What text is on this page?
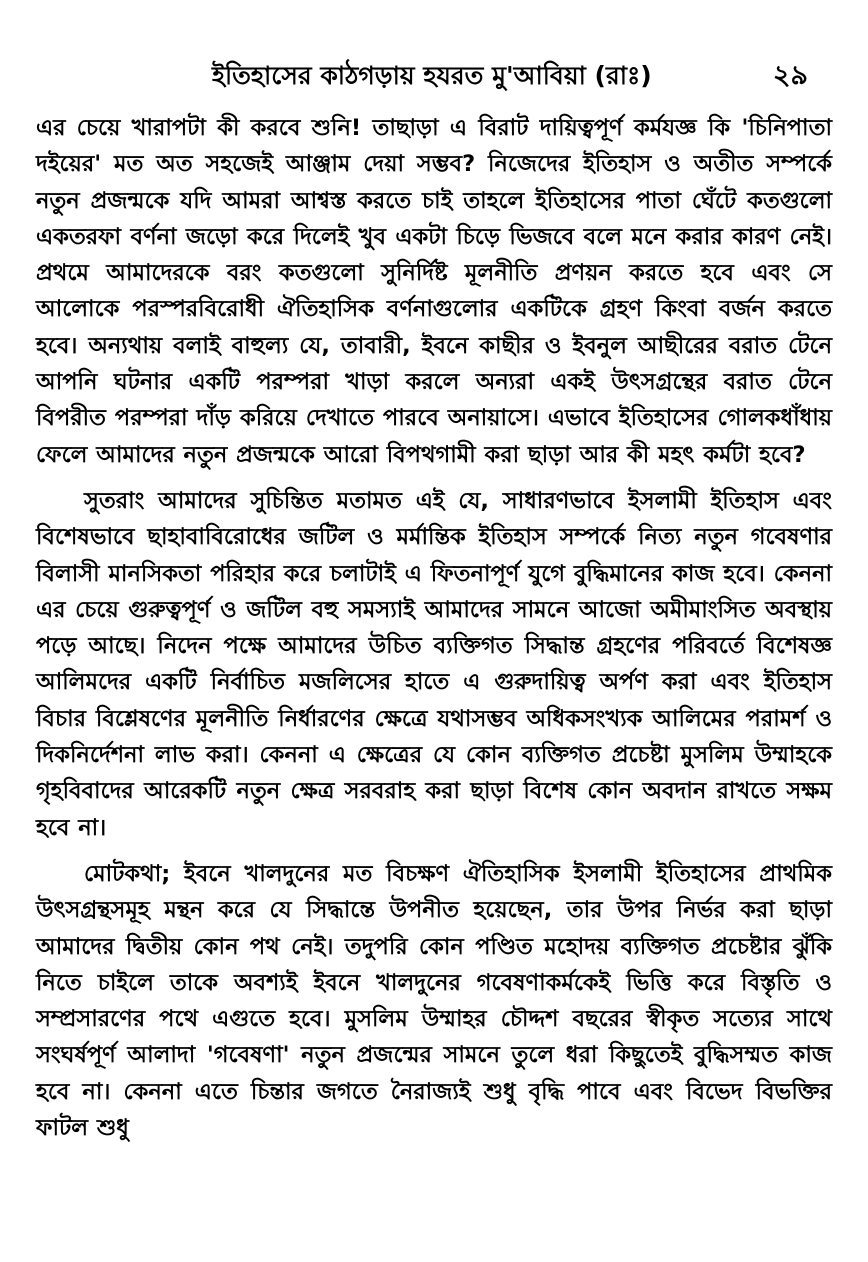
ইতিহাসের কাঠগড়ায় হযরত মু'আবিয়া (রাঃ)	২৯

এর চেয়ে খারাপটা কী করবে শুনি! তাছাড়া এ বিরাট দায়িত্বপূর্ণ কর্মযজ্ঞ কি 'চিনিপাতা দইয়ের' মত অত সহজেই আঞ্জাম দেয়া সম্ভব? নিজেদের ইতিহাস ও অতীত সম্পর্কে নতুন প্রজন্মকে যদি আমরা আশ্বস্ত করতে চাই তাহলে ইতিহাসের পাতা ঘেঁটে কতগুলো একতরফা বর্ণনা জড়ো করে দিলেই খুব একটা চিড়ে ভিজবে বলে মনে করার কারণ নেই। প্রথমে আমাদেরকে বরং কতগুলো সুনির্দিষ্ট মূলনীতি প্রণয়ন করতে হবে এবং সে আলোকে পরস্পরবিরোধী ঐতিহাসিক বর্ণনাগুলোর একটিকে গ্রহণ কিংবা বর্জন করতে হবে। অন্যথায় বলাই বাহুল্য যে, তাবারী, ইবনে কাছীর ও ইবনুল আছীরের বরাত টেনে আপনি ঘটনার একটি পরম্পরা খাড়া করলে অন্যরা একই উৎসগ্রন্থের বরাত টেনে বিপরীত পরম্পরা দাঁড় করিয়ে দেখাতে পারবে অনায়াসে। এভাবে ইতিহাসের গোলকধাঁধায় ফেলে আমাদের নতুন প্রজন্মকে আরো বিপথগামী করা ছাড়া আর কী মহৎ কর্মটা হবে?

সুতরাং আমাদের সুচিন্তিত মতামত এই যে, সাধারণভাবে ইসলামী ইতিহাস এবং বিশেষভাবে ছাহাবাবিরোধের জটিল ও মর্মান্তিক ইতিহাস সম্পর্কে নিত্য নতুন গবেষণার বিলাসী মানসিকতা পরিহার করে চলাটাই এ ফিতনাপূর্ণ যুগে বুদ্ধিমানের কাজ হবে। কেননা এর চেয়ে গুরুত্বপূর্ণ ও জটিল বহু সমস্যাই আমাদের সামনে আজো অমীমাংসিত অবস্থায় পড়ে আছে। নিদেন পক্ষে আমাদের উচিত ব্যক্তিগত সিদ্ধান্ত গ্রহণের পরিবর্তে বিশেষজ্ঞ আলিমদের একটি নির্বাচিত মজলিসের হাতে এ গুরুদায়িত্ব অর্পণ করা এবং ইতিহাস বিচার বিশ্লেষণের মূলনীতি নির্ধারণের ক্ষেত্রে যথাসম্ভব অধিকসংখ্যক আলিমের পরামর্শ ও দিকনির্দেশনা লাভ করা। কেননা এ ক্ষেত্রের যে কোন ব্যক্তিগত প্রচেষ্টা মুসলিম উম্মাহকে গৃহবিবাদের আরেকটি নতুন ক্ষেত্র সরবরাহ করা ছাড়া বিশেষ কোন অবদান রাখতে সক্ষম হবে না।

মোটকথা; ইবনে খালদুনের মত বিচক্ষণ ঐতিহাসিক ইসলামী ইতিহাসের প্রাথমিক উৎসগ্রন্থসমূহ মন্থন করে যে সিদ্ধান্তে উপনীত হয়েছেন, তার উপর নির্ভর করা ছাড়া আমাদের দ্বিতীয় কোন পথ নেই। তদুপরি কোন পণ্ডিত মহোদয় ব্যক্তিগত প্রচেষ্টার ঝুঁকি নিতে চাইলে তাকে অবশ্যই ইবনে খালদুনের গবেষণাকর্মকেই ভিত্তি করে বিস্তৃতি ও সম্প্রসারণের পথে এগুতে হবে। মুসলিম উম্মাহর চৌদ্দশ বছরের স্বীকৃত সত্যের সাথে সংঘর্ষপূর্ণ আলাদা 'গবেষণা' নতুন প্রজন্মের সামনে তুলে ধরা কিছুতেই বুদ্ধিসম্মত কাজ হবে না। কেননা এতে চিন্তার জগতে নৈরাজ্যই শুধু বৃদ্ধি পাবে এবং বিভেদ বিভক্তির ফাটল শুধু
